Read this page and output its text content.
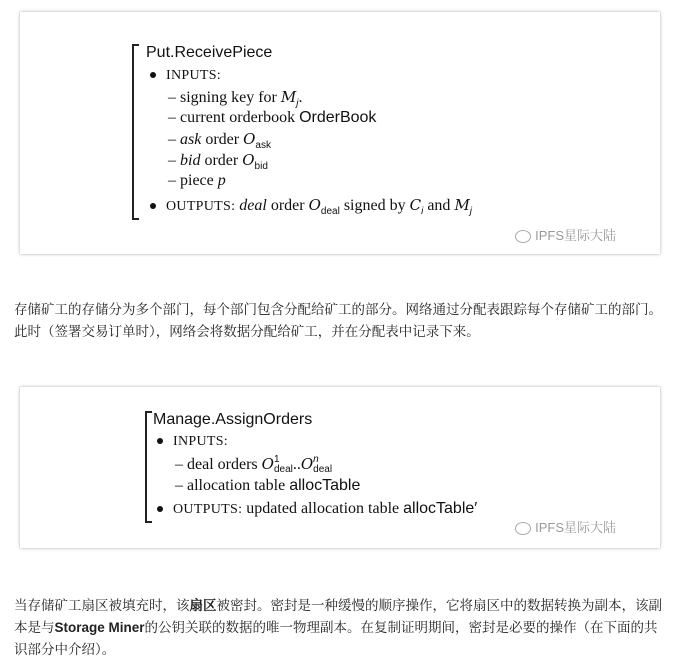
Put.ReceivePiece
INPUTS:
– signing key for $M_j$.
– current orderbook OrderBook
– ask order $O_{ask}$
– bid order $O_{bid}$
– piece p
OUTPUTS: deal order $O_{deal}$ signed by $C_i$ and $M_j$
IPFS星际大陆
存储矿工的存储分为多个部门，每个部门包含分配给矿工的部分。网络通过分配表跟踪每个存储矿工的部门。此时（签署交易订单时），网络会将数据分配给矿工，并在分配表中记录下来。
Manage.AssignOrders
INPUTS:
– deal orders O 1
deal ..O n
deal
– allocation table allocTable
OUTPUTS: updated allocation table allocTable′
IPFS星际大陆
当存储矿工扇区被填充时，该扇区被密封。密封是一种缓慢的顺序操作，它将扇区中的数据转换为副本，该副本是与Storage Miner的公钥关联的数据的唯一物理副本。在复制证明期间，密封是必要的操作（在下面的共识部分中介绍）。
